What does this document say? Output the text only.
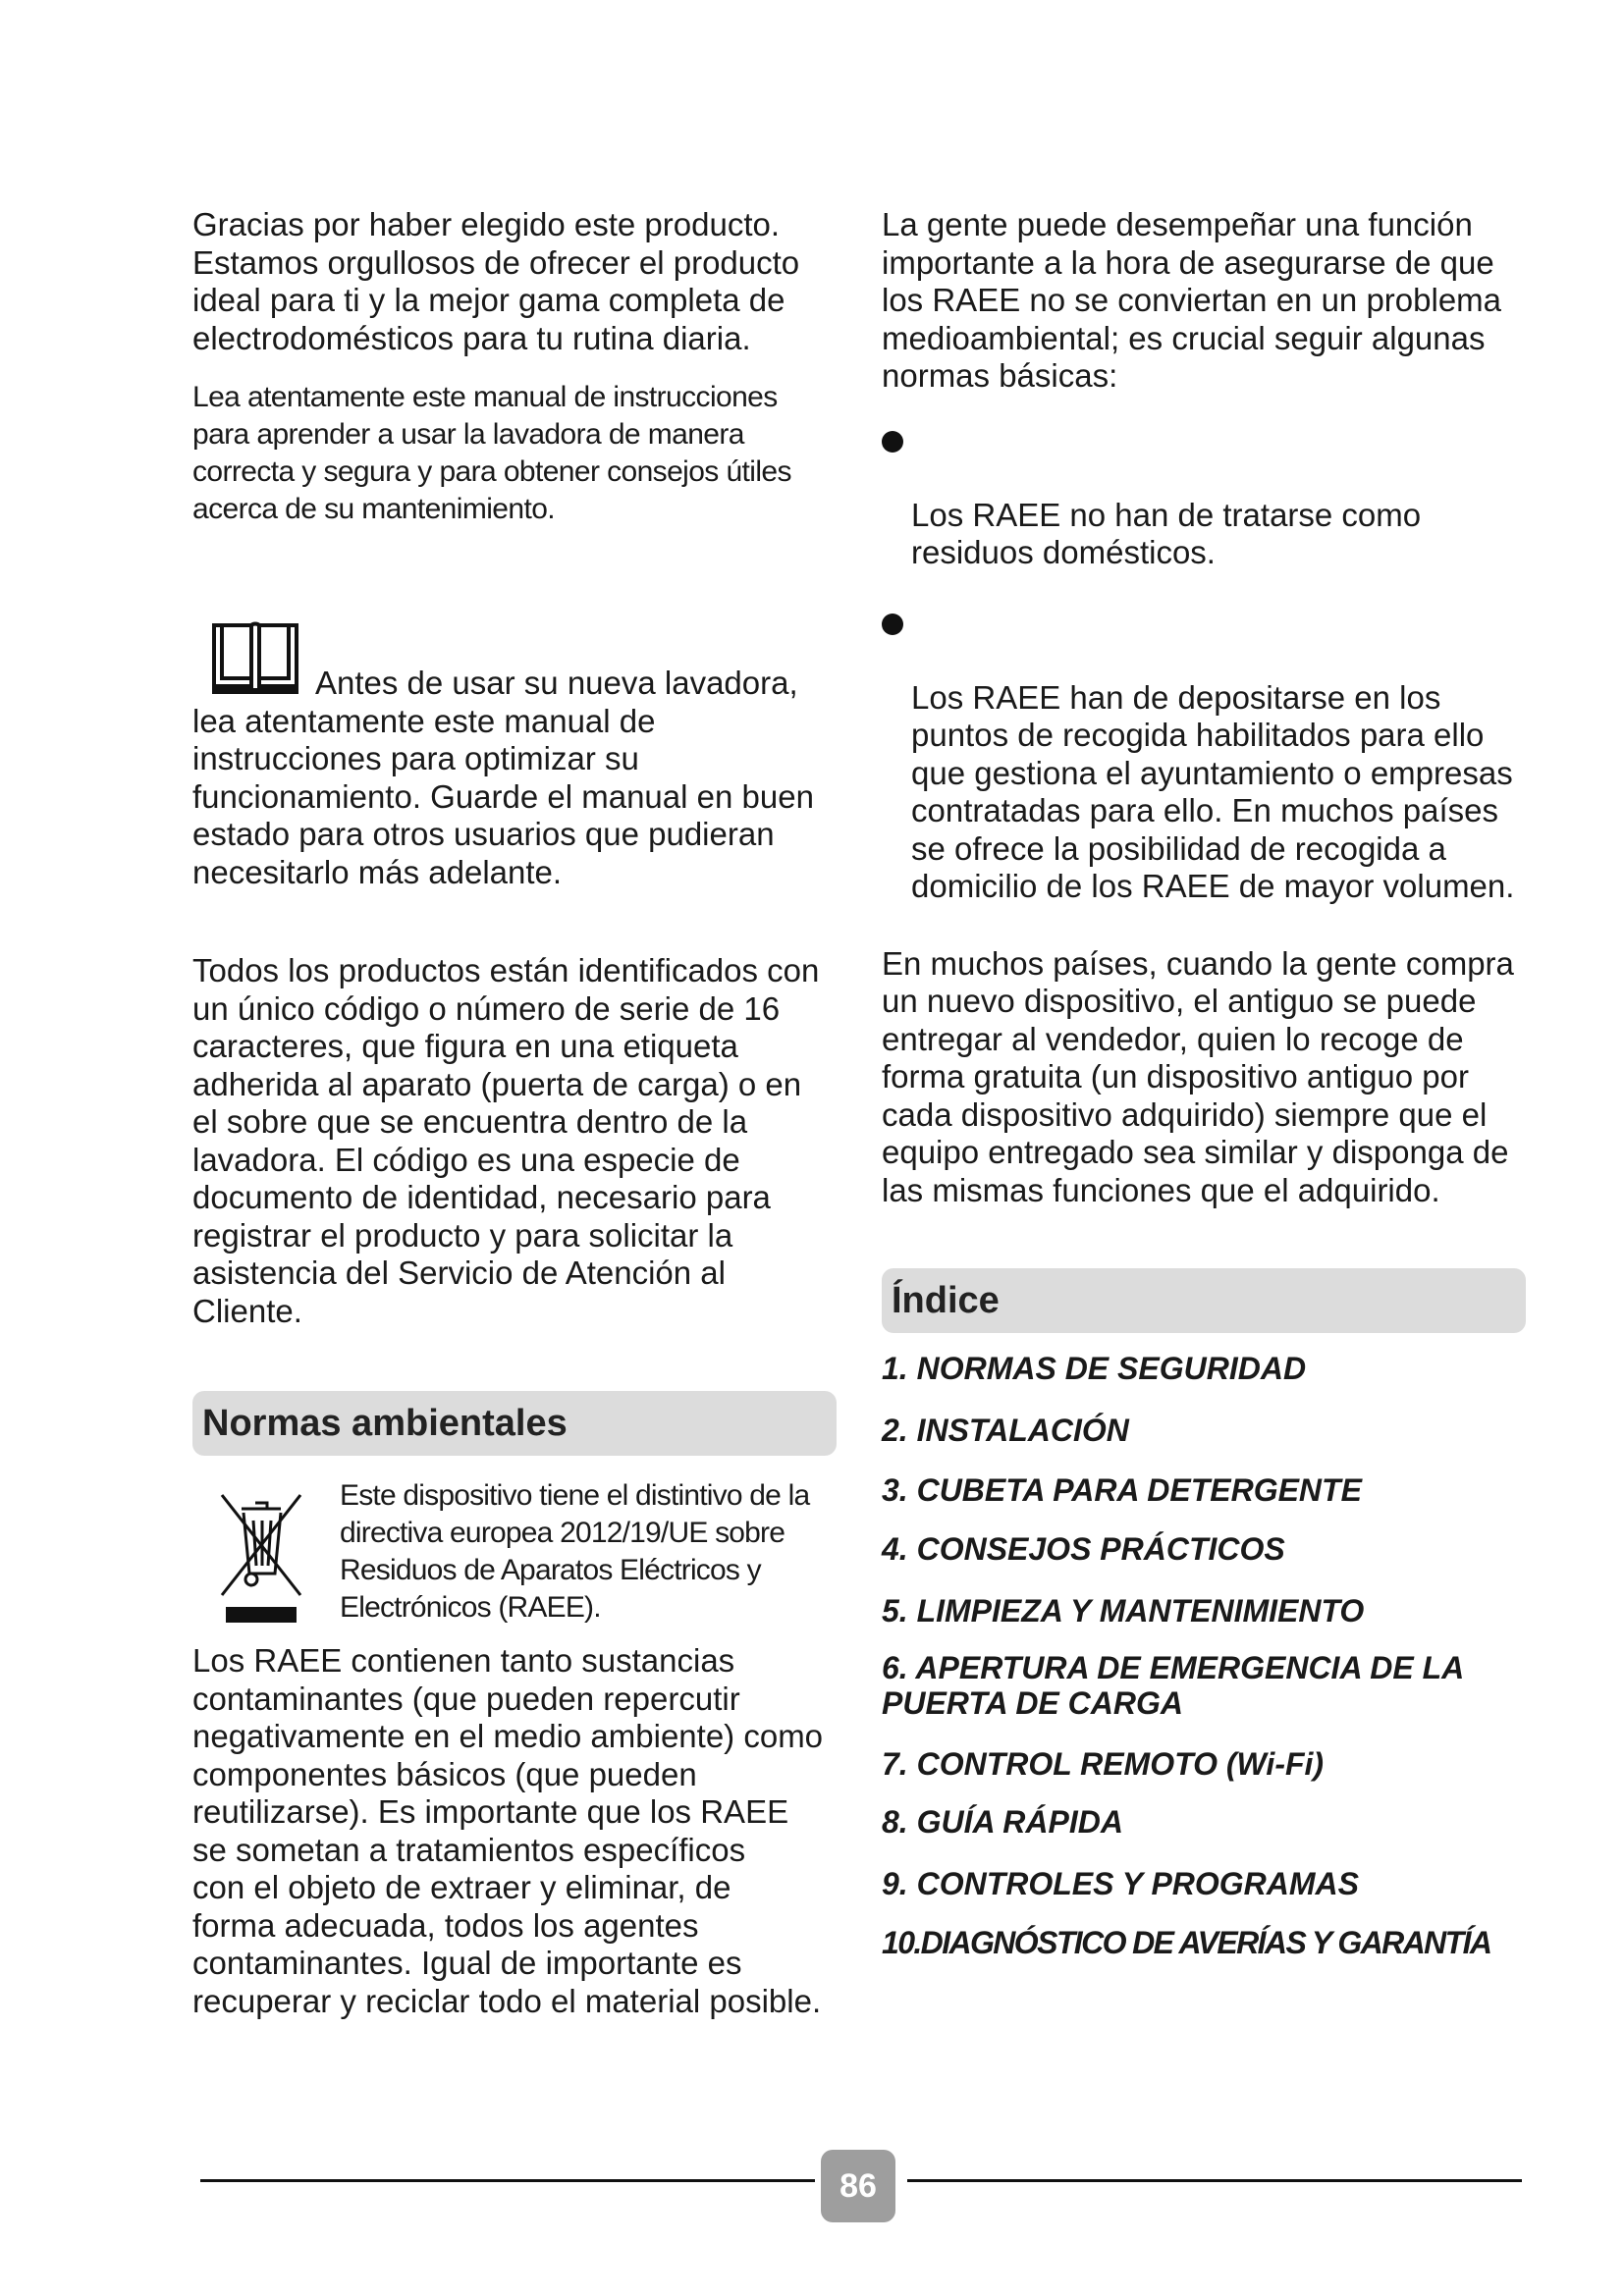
Gracias por haber elegido este producto.
Estamos orgullosos de ofrecer el producto
ideal para ti y la mejor gama completa de
electrodomésticos para tu rutina diaria.

Lea atentamente este manual de instrucciones
para aprender a usar la lavadora de manera
correcta y segura y para obtener consejos útiles
acerca de su mantenimiento.

Antes de usar su nueva lavadora,
lea atentamente este manual de
instrucciones para optimizar su
funcionamiento. Guarde el manual en buen
estado para otros usuarios que pudieran
necesitarlo más adelante.

Todos los productos están identificados con
un único código o número de serie de 16
caracteres, que figura en una etiqueta
adherida al aparato (puerta de carga) o en
el sobre que se encuentra dentro de la
lavadora. El código es una especie de
documento de identidad, necesario para
registrar el producto y para solicitar la
asistencia del Servicio de Atención al
Cliente.

Normas ambientales
Este dispositivo tiene el distintivo de la
directiva europea 2012/19/UE sobre
Residuos de Aparatos Eléctricos y
Electrónicos (RAEE).

Los RAEE contienen tanto sustancias
contaminantes (que pueden repercutir
negativamente en el medio ambiente) como
componentes básicos (que pueden
reutilizarse). Es importante que los RAEE
se sometan a tratamientos específicos
con el objeto de extraer y eliminar, de
forma adecuada, todos los agentes
contaminantes. Igual de importante es
recuperar y reciclar todo el material posible.

La gente puede desempeñar una función
importante a la hora de asegurarse de que
los RAEE no se conviertan en un problema
medioambiental; es crucial seguir algunas
normas básicas:

Los RAEE no han de tratarse como
residuos domésticos.

Los RAEE han de depositarse en los
puntos de recogida habilitados para ello
que gestiona el ayuntamiento o empresas
contratadas para ello. En muchos países
se ofrece la posibilidad de recogida a
domicilio de los RAEE de mayor volumen.

En muchos países, cuando la gente compra
un nuevo dispositivo, el antiguo se puede
entregar al vendedor, quien lo recoge de
forma gratuita (un dispositivo antiguo por
cada dispositivo adquirido) siempre que el
equipo entregado sea similar y disponga de
las mismas funciones que el adquirido.

Índice
1. NORMAS DE SEGURIDAD
2. INSTALACIÓN
3. CUBETA PARA DETERGENTE
4. CONSEJOS PRÁCTICOS
5. LIMPIEZA Y MANTENIMIENTO
6. APERTURA DE EMERGENCIA DE LA
PUERTA DE CARGA
7. CONTROL REMOTO (Wi-Fi)
8. GUÍA RÁPIDA
9. CONTROLES Y PROGRAMAS
10.DIAGNÓSTICO DE AVERÍAS Y GARANTÍA
86
